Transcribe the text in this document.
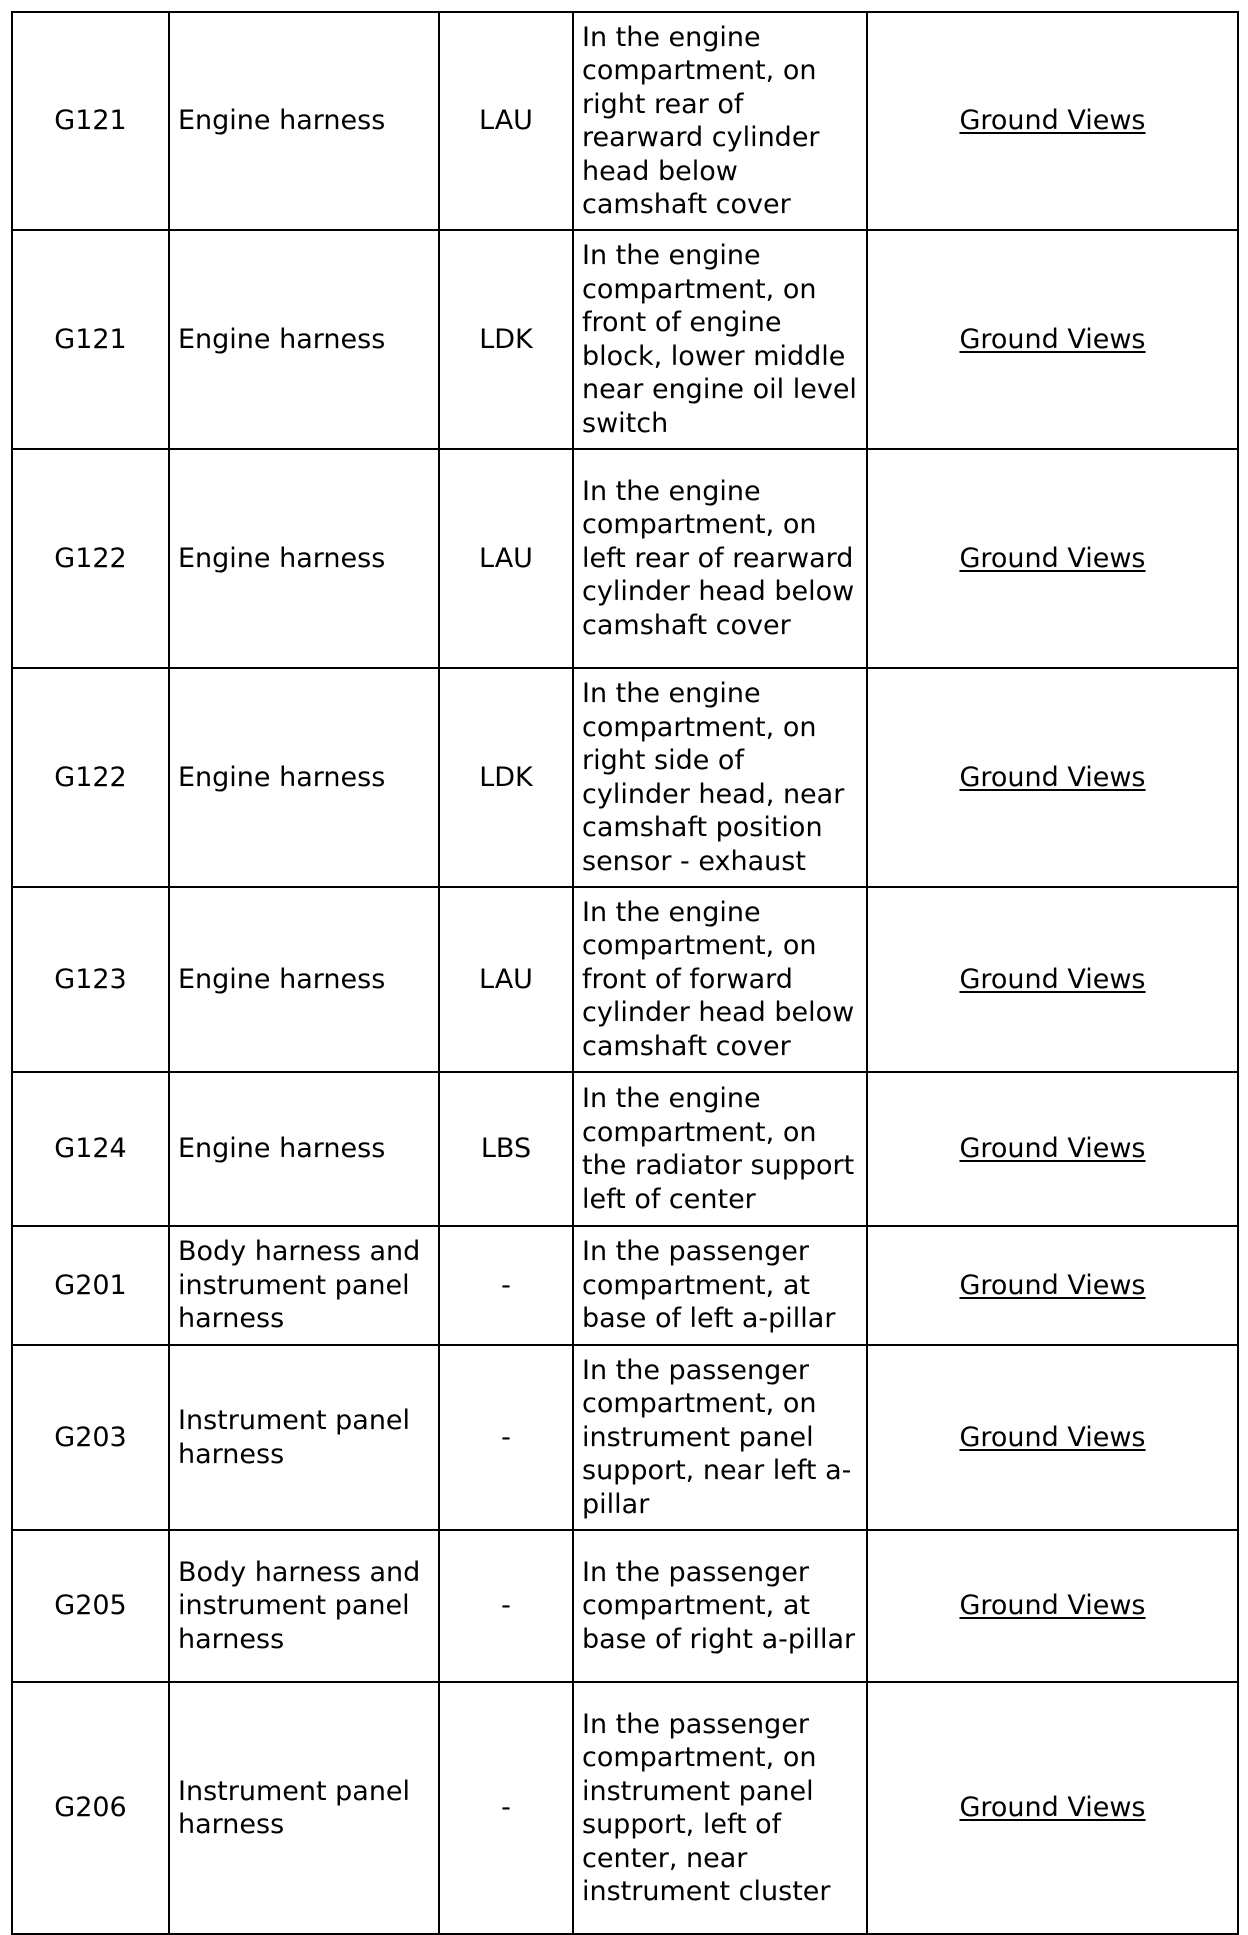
G121	Engine harness	LAU	In the engine compartment, on right rear of rearward cylinder head below camshaft cover	Ground Views
G121	Engine harness	LDK	In the engine compartment, on front of engine block, lower middle near engine oil level switch	Ground Views
G122	Engine harness	LAU	In the engine compartment, on left rear of rearward cylinder head below camshaft cover	Ground Views
G122	Engine harness	LDK	In the engine compartment, on right side of cylinder head, near camshaft position sensor - exhaust	Ground Views
G123	Engine harness	LAU	In the engine compartment, on front of forward cylinder head below camshaft cover	Ground Views
G124	Engine harness	LBS	In the engine compartment, on the radiator support left of center	Ground Views
G201	Body harness and instrument panel harness	-	In the passenger compartment, at base of left a-pillar	Ground Views
G203	Instrument panel harness	-	In the passenger compartment, on instrument panel support, near left a-pillar	Ground Views
G205	Body harness and instrument panel harness	-	In the passenger compartment, at base of right a-pillar	Ground Views
G206	Instrument panel harness	-	In the passenger compartment, on instrument panel support, left of center, near instrument cluster	Ground Views
